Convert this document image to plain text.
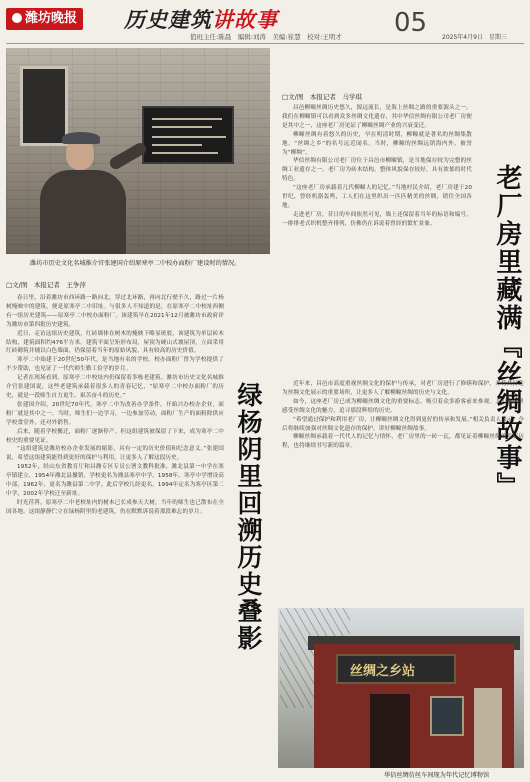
潍坊晚报 历史建筑讲故事
值班主任:陈晨　编辑:刘涛　美编:崔慧　校对:王明才 05 2025年4月9日　星期三
潍坊市历史文化名城推介官张建国介绍原寒亭二中校办面粉厂建设时的情况。
□文/图　本报记者　王争萍

春日里，沿着潍坊市西环路一路向北，穿过北环路，再向北行驶不久，路过一片杨树掩映中的建筑，便是原寒亭二中旧址。与很多人不知道的是，在原寒亭二中校址西侧有一组历史建筑——原寒亭二中校办面粉厂。该建筑早在2021年12月被潍坊市政府评为潍坊市第四批历史建筑。

近日，走访这组历史建筑，红砖墙体在树木的掩映下略显斑驳，该建筑为单层砖木结构，建筑面积约476平方米。建筑平面呈矩形布局，屋顶为硬山式坡屋顶，立面采用红砖砌筑并辅以白色墙面，仍保留着当年的原始风貌，具有较高的历史价值。

寒亭二中始建于20世纪50年代，是当地有名的学校。校办面粉厂曾为学校提供了不少帮助，也见证了一代代师生勤工俭学的岁月。

记者在现场看到，原寒亭二中校址内仍保留着多栋老建筑。潍坊市历史文化名城推介官张建国说，这些老建筑承载着很多人的青春记忆，“原寒亭二中校办面粉厂的历史，就是一段师生自力更生、艰苦奋斗的历史。”

张建国介绍，20世纪70年代，寒亭二中为改善办学条件，开始兴办校办企业，面粉厂就是其中之一。当时，师生们一边学习，一边参加劳动，面粉厂生产的面粉除供应学校食堂外，还对外销售。

后来，随着学校搬迁，面粉厂逐渐停产。但这组建筑被保留了下来，成为寒亭二中校史的重要见证。

“这组建筑是潍坊校办企业发展的缩影，具有一定的历史价值和纪念意义。”张建国说，希望这组建筑能得到更好的保护与利用，让更多人了解这段历史。

1952年，经山东省教育厅和昌潍专区专员公署文教科批准，潍北县第一中学在寒亭镇建立，1954年潍北县撤销，学校更名为潍县寒亭中学。1958年，寒亭中学增设高中部，1962年，更名为潍县第二中学。此后学校几经更名，1994年定名为寒亭区第二中学，2002年学校迁至新址。

时光荏苒，原寒亭二中老校址内的树木已长成参天大树，当年的师生也已散布在全国各地。这组静静伫立在绿杨阴里的老建筑，仍在默默诉说着那段难忘的岁月。	绿杨阴里回溯历史叠影
□文/图　本报记者　马学琪

昌邑柳疃丝绸历史悠久，源远流长，是海上丝绸之路的重要源头之一。我们在柳疃镇可以看到众多丝绸文化遗存，其中华信丝绸有限公司老厂房便是其中之一，这座老厂房见证了柳疃丝绸产业的兴衰变迁。

柳疃丝绸有着悠久的历史，早在明清时期，柳疃就是著名的丝绸集散地，“丝绸之乡”的名号远近闻名。当时，柳疃的丝绸远销海内外，被誉为“柳绸”。

华信丝绸有限公司老厂房位于昌邑市柳疃镇，是当地保存较为完整的丝绸工业遗存之一。老厂房为砖木结构，整体风貌保存较好，具有浓郁的时代特色。

“这座老厂房承载着几代柳疃人的记忆。”当地村民介绍，老厂房建于20世纪，曾经机器轰鸣，工人们在这里织出一匹匹精美的丝绸，销往全国各地。

走进老厂房，昔日的车间依然可见，墙上还保留着当年的标语和编号。一排排老式织机整齐排列，仿佛仍在诉说着曾经的繁忙景象。	老厂房里藏满『丝绸故事』

近年来，昌邑市高度重视丝绸文化的保护与传承，对老厂房进行了修缮和保护，并将其打造为丝绸文化展示的重要场所，让更多人了解柳疃丝绸的历史与文化。

如今，这座老厂房已成为柳疃丝绸文化的重要标志，吸引着众多游客前来参观。人们在这里感受丝绸文化的魅力，追寻那段辉煌的历史。

“希望通过保护和利用老厂房，让柳疃丝绸文化得到更好的传承和发展。”相关负责人表示，今后将继续加强对丝绸文化遗存的保护，讲好柳疃丝绸故事。

柳疃丝绸承载着一代代人的记忆与情怀，老厂房里的一砖一瓦，都见证着柳疃丝绸的发展历程，也将继续书写新的篇章。

丝绸之乡站
华信丝绸仿丝车间现为年代记忆博物馆
